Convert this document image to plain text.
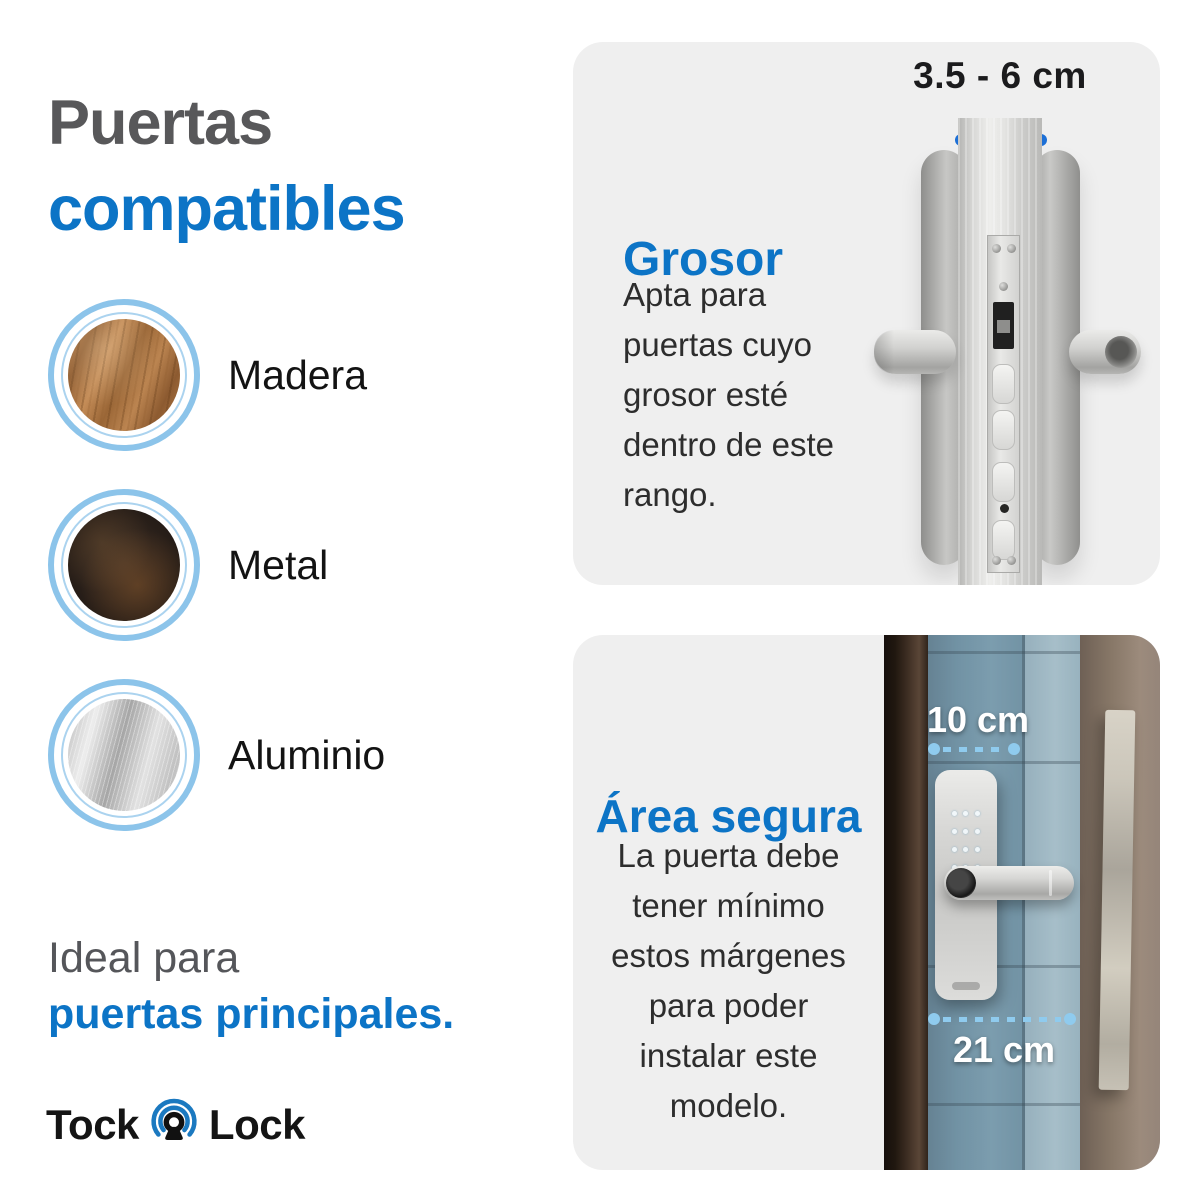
Puertas
compatibles
Madera
Metal
Aluminio
Ideal para
puertas principales.
Tock Lock
3.5 - 6 cm
Grosor

Apta para puertas cuyo grosor esté dentro de este rango.

Área segura

La puerta debe tener mínimo estos márgenes para poder instalar este modelo.

10 cm
21 cm
